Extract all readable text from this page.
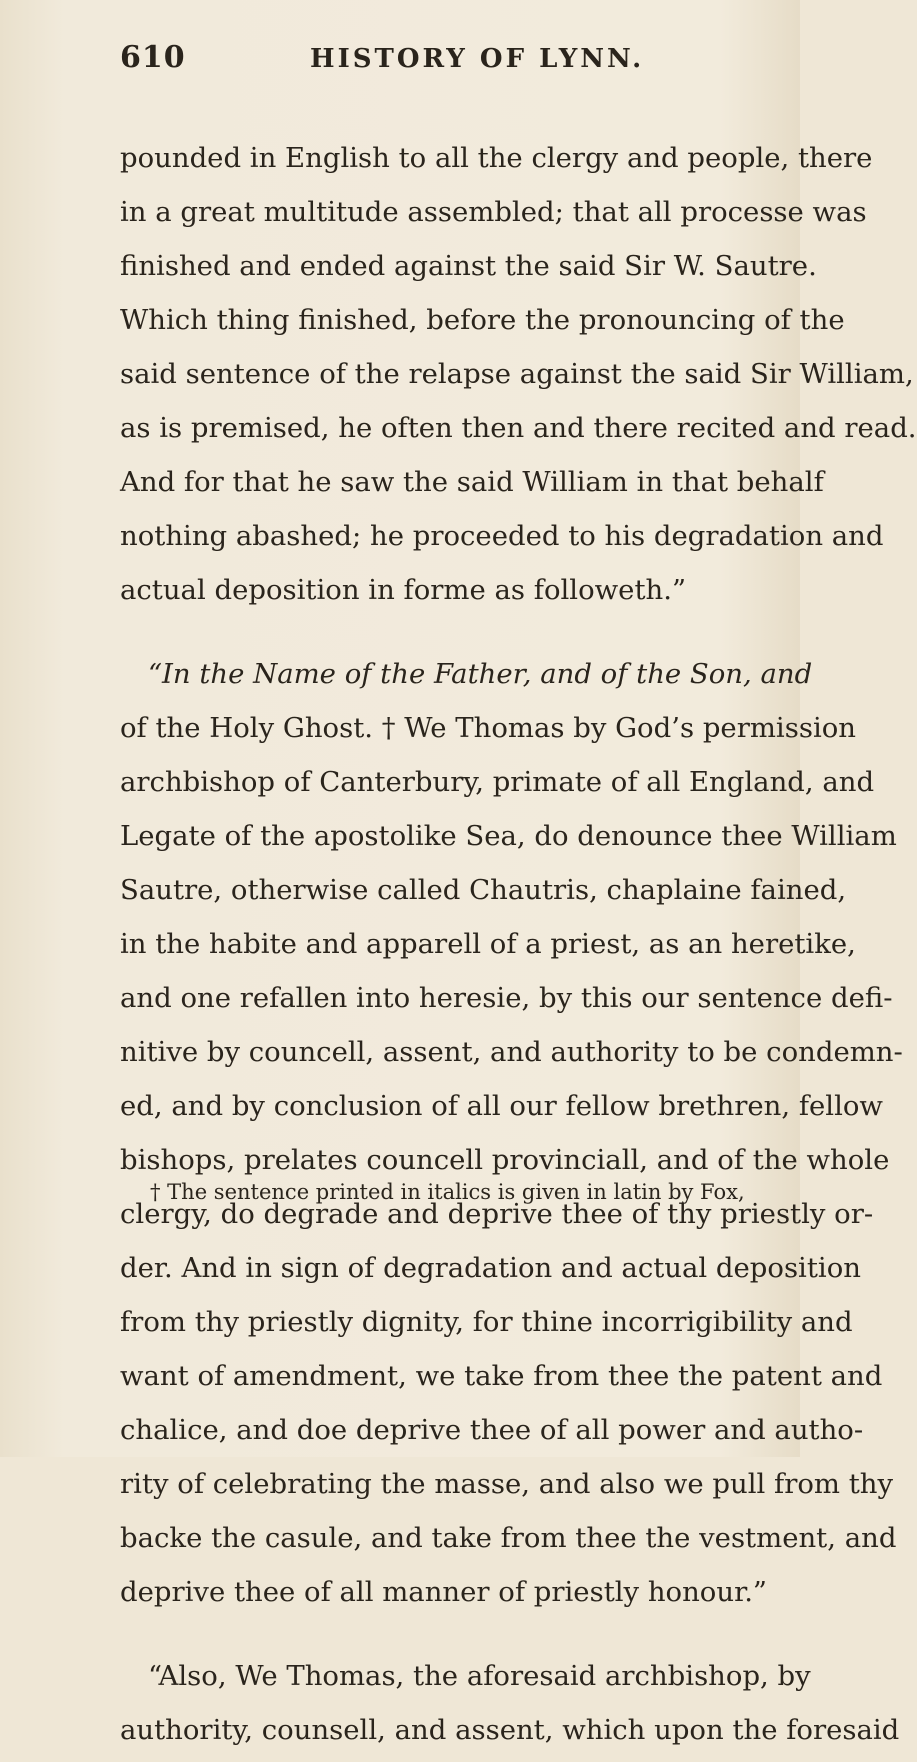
610	HISTORY OF LYNN.
pounded in English to all the clergy and people, there
in a great multitude assembled; that all processe was
finished and ended against the said Sir W. Sautre.
Which thing finished, before the pronouncing of the
said sentence of the relapse against the said Sir William,
as is premised, he often then and there recited and read.
And for that he saw the said William in that behalf
nothing abashed; he proceeded to his degradation and
actual deposition in forme as followeth.”
“In the Name of the Father, and of the Son, and
of the Holy Ghost. † We Thomas by God’s permission
archbishop of Canterbury, primate of all England, and
Legate of the apostolike Sea, do denounce thee William
Sautre, otherwise called Chautris, chaplaine fained,
in the habite and apparell of a priest, as an heretike,
and one refallen into heresie, by this our sentence defi-
nitive by councell, assent, and authority to be condemn-
ed, and by conclusion of all our fellow brethren, fellow
bishops, prelates councell provinciall, and of the whole
clergy, do degrade and deprive thee of thy priestly or-
der. And in sign of degradation and actual deposition
from thy priestly dignity, for thine incorrigibility and
want of amendment, we take from thee the patent and
chalice, and doe deprive thee of all power and autho-
rity of celebrating the masse, and also we pull from thy
backe the casule, and take from thee the vestment, and
deprive thee of all manner of priestly honour.”
“Also, We Thomas, the aforesaid archbishop, by
authority, counsell, and assent, which upon the foresaid
† The sentence printed in italics is given in latin by Fox,
